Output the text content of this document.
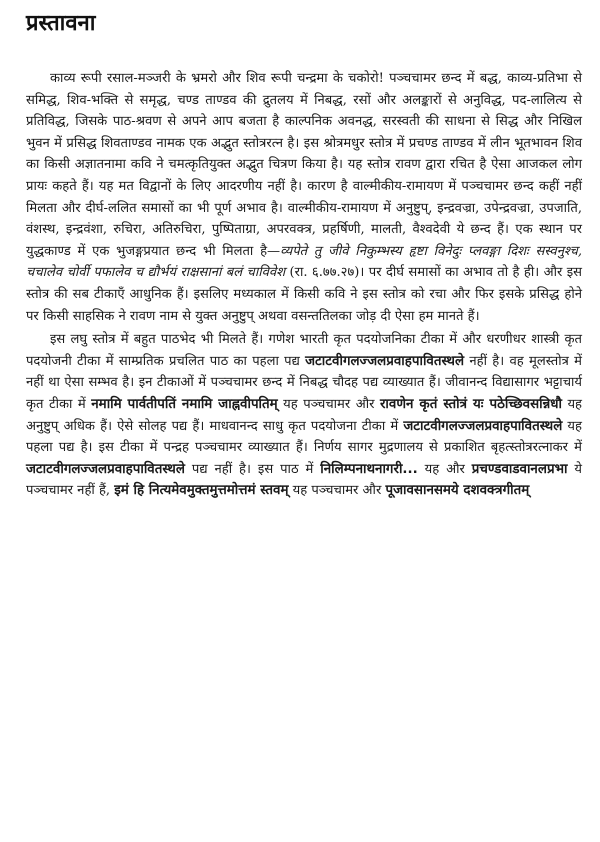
प्रस्तावना

काव्य रूपी रसाल-मञ्जरी के भ्रमरो और शिव रूपी चन्द्रमा के चकोरो! पञ्चचामर छन्द में बद्ध, काव्य-प्रतिभा से समिद्ध, शिव-भक्ति से समृद्ध, चण्ड ताण्डव की द्रुतलय में निबद्ध, रसों और अलङ्कारों से अनुविद्ध, पद-लालित्य से प्रतिविद्ध, जिसके पाठ-श्रवण से अपने आप बजता है काल्पनिक अवनद्ध, सरस्वती की साधना से सिद्ध और निखिल भुवन में प्रसिद्ध शिवताण्डव नामक एक अद्भुत स्तोत्ररत्न है। इस श्रोत्रमधुर स्तोत्र में प्रचण्ड ताण्डव में लीन भूतभावन शिव का किसी अज्ञातनामा कवि ने चमत्कृतियुक्त अद्भुत चित्रण किया है। यह स्तोत्र रावण द्वारा रचित है ऐसा आजकल लोग प्रायः कहते हैं। यह मत विद्वानों के लिए आदरणीय नहीं है। कारण है वाल्मीकीय-रामायण में पञ्चचामर छन्द कहीं नहीं मिलता और दीर्घ-ललित समासों का भी पूर्ण अभाव है। वाल्मीकीय-रामायण में अनुष्टुप्, इन्द्रवज्रा, उपेन्द्रवज्रा, उपजाति, वंशस्थ, इन्द्रवंशा, रुचिरा, अतिरुचिरा, पुष्पिताग्रा, अपरवक्त्र, प्रहर्षिणी, मालती, वैश्वदेवी ये छन्द हैं। एक स्थान पर युद्धकाण्ड में एक भुजङ्गप्रयात छन्द भी मिलता है—व्यपेते तु जीवे निकुम्भस्य हृष्टा विनेदुः प्लवङ्गा दिशः सस्वनुश्च, चचालेव चोर्वी पफालेव च द्यौर्भयं राक्षसानां बलं चाविवेश (रा. ६.७७.२७)। पर दीर्घ समासों का अभाव तो है ही। और इस स्तोत्र की सब टीकाएँ आधुनिक हैं। इसलिए मध्यकाल में किसी कवि ने इस स्तोत्र को रचा और फिर इसके प्रसिद्ध होने पर किसी साहसिक ने रावण नाम से युक्त अनुष्टुप् अथवा वसन्ततिलका जोड़ दी ऐसा हम मानते हैं।

इस लघु स्तोत्र में बहुत पाठभेद भी मिलते हैं। गणेश भारती कृत पदयोजनिका टीका में और धरणीधर शास्त्री कृत पदयोजनी टीका में साम्प्रतिक प्रचलित पाठ का पहला पद्य जटाटवीगलज्जलप्रवाहपावितस्थले नहीं है। वह मूलस्तोत्र में नहीं था ऐसा सम्भव है। इन टीकाओं में पञ्चचामर छन्द में निबद्ध चौदह पद्य व्याख्यात हैं। जीवानन्द विद्यासागर भट्टाचार्य कृत टीका में नमामि पार्वतीपतिं नमामि जाह्नवीपतिम् यह पञ्चचामर और रावणेन कृतं स्तोत्रं यः पठेच्छिवसन्निधौ यह अनुष्टुप् अधिक हैं। ऐसे सोलह पद्य हैं। माधवानन्द साधु कृत पदयोजना टीका में जटाटवीगलज्जलप्रवाहपावितस्थले यह पहला पद्य है। इस टीका में पन्द्रह पञ्चचामर व्याख्यात हैं। निर्णय सागर मुद्रणालय से प्रकाशित बृहत्स्तोत्ररत्नाकर में जटाटवीगलज्जलप्रवाहपावितस्थले पद्य नहीं है। इस पाठ में निलिम्पनाथनागरी... यह और प्रचण्डवाडवानलप्रभा ये पञ्चचामर नहीं हैं, इमं हि नित्यमेवमुक्तमुत्तमोत्तमं स्तवम् यह पञ्चचामर और पूजावसानसमये दशवक्त्रगीतम्
